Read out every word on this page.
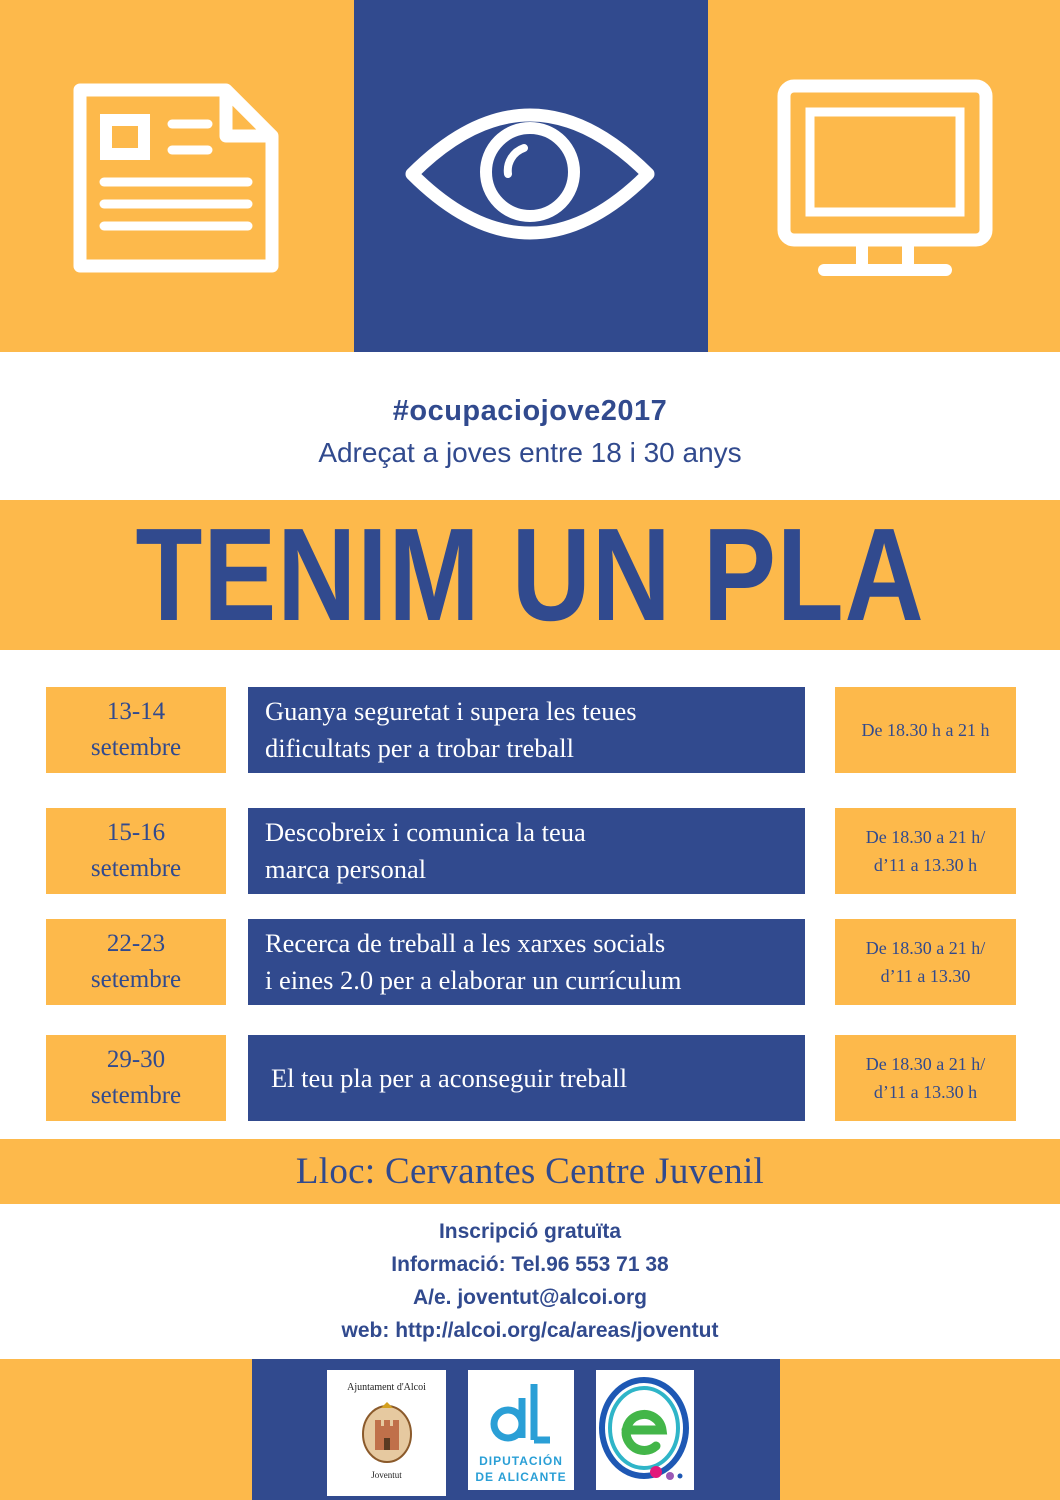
#ocupaciojove2017

Adreçat a joves entre 18 i 30 anys

TENIM UN PLA
13-14
setembre
Guanya seguretat i supera les teues
dificultats per a trobar treball
De 18.30 h a 21 h
15-16
setembre
Descobreix i comunica la teua
marca personal
De 18.30 a 21 h/
d’11 a 13.30 h
22-23
setembre
Recerca de treball a les xarxes socials
i eines 2.0 per a elaborar un currículum
De 18.30 a 21 h/
d’11 a 13.30
29-30
setembre
El teu pla per a aconseguir treball	De 18.30 a 21 h/
d’11 a 13.30 h

Lloc: Cervantes Centre Juvenil

Inscripció gratuïta

Informació: Tel.96 553 71 38

A/e. joventut@alcoi.org

web: http://alcoi.org/ca/areas/joventut

Ajuntament d'Alcoi
Joventut
DIPUTACIÓN
DE ALICANTE
